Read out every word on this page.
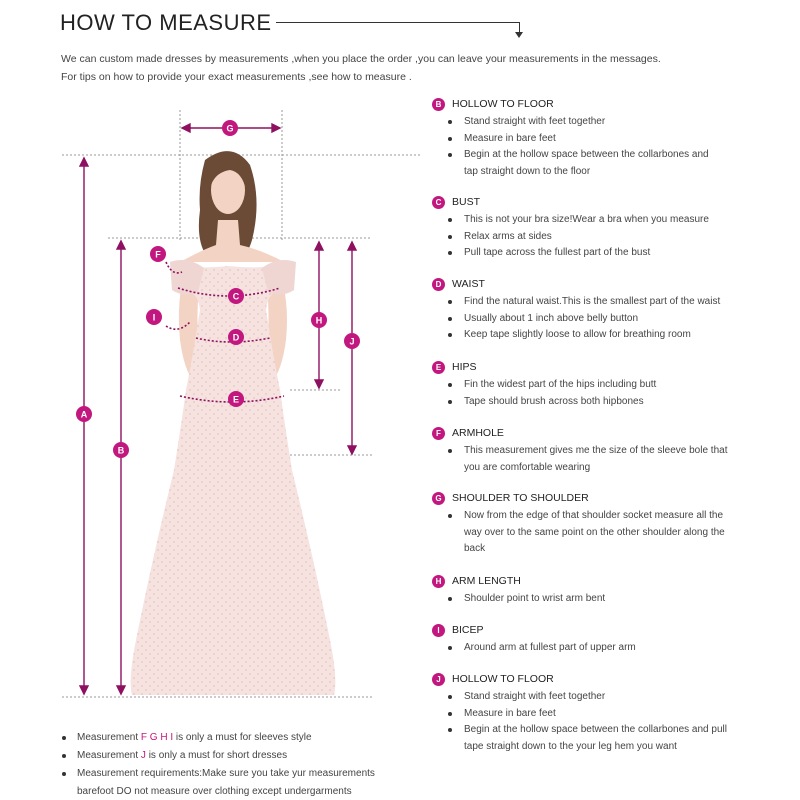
HOW TO MEASURE
We can custom made dresses by measurements ,when you place the order ,you can leave your measurements in the messages.
For tips on how to provide your exact measurements ,see how to measure .
G
A
B
C
D
E
F
H
I
J
B	HOLLOW TO FLOOR
Stand straight with feet together
Measure in bare feet
Begin at the hollow space between the collarbones and
tap straight down to the floor
C	BUST
This is not your bra size!Wear a bra when you measure
Relax arms at sides
Pull tape across the fullest part of the bust
D	WAIST
Find the natural waist.This is the smallest part of the waist
Usually about 1 inch above belly button
Keep tape slightly loose to allow for breathing room
E	HIPS
Fin the widest part of the hips including butt
Tape should brush across both hipbones
F	ARMHOLE
This measurement gives me the size of the sleeve bole that
you are comfortable wearing
G SHOULDER TO SHOULDER
Now from the edge of that shoulder socket measure all the
way over to the same point on the other shoulder along the
back
H	ARM LENGTH
Shoulder point to wrist arm bent
I	BICEP
Around arm at fullest part of upper arm
J	HOLLOW TO FLOOR
Stand straight with feet together
Measure in bare feet
Begin at the hollow space between the collarbones and pull
tape straight down to the your leg hem you want
Measurement F G H I is only a must for sleeves style
Measurement J is only a must for short dresses
Measurement requirements:Make sure you take yur measurements
barefoot DO not measure over clothing except undergarments
